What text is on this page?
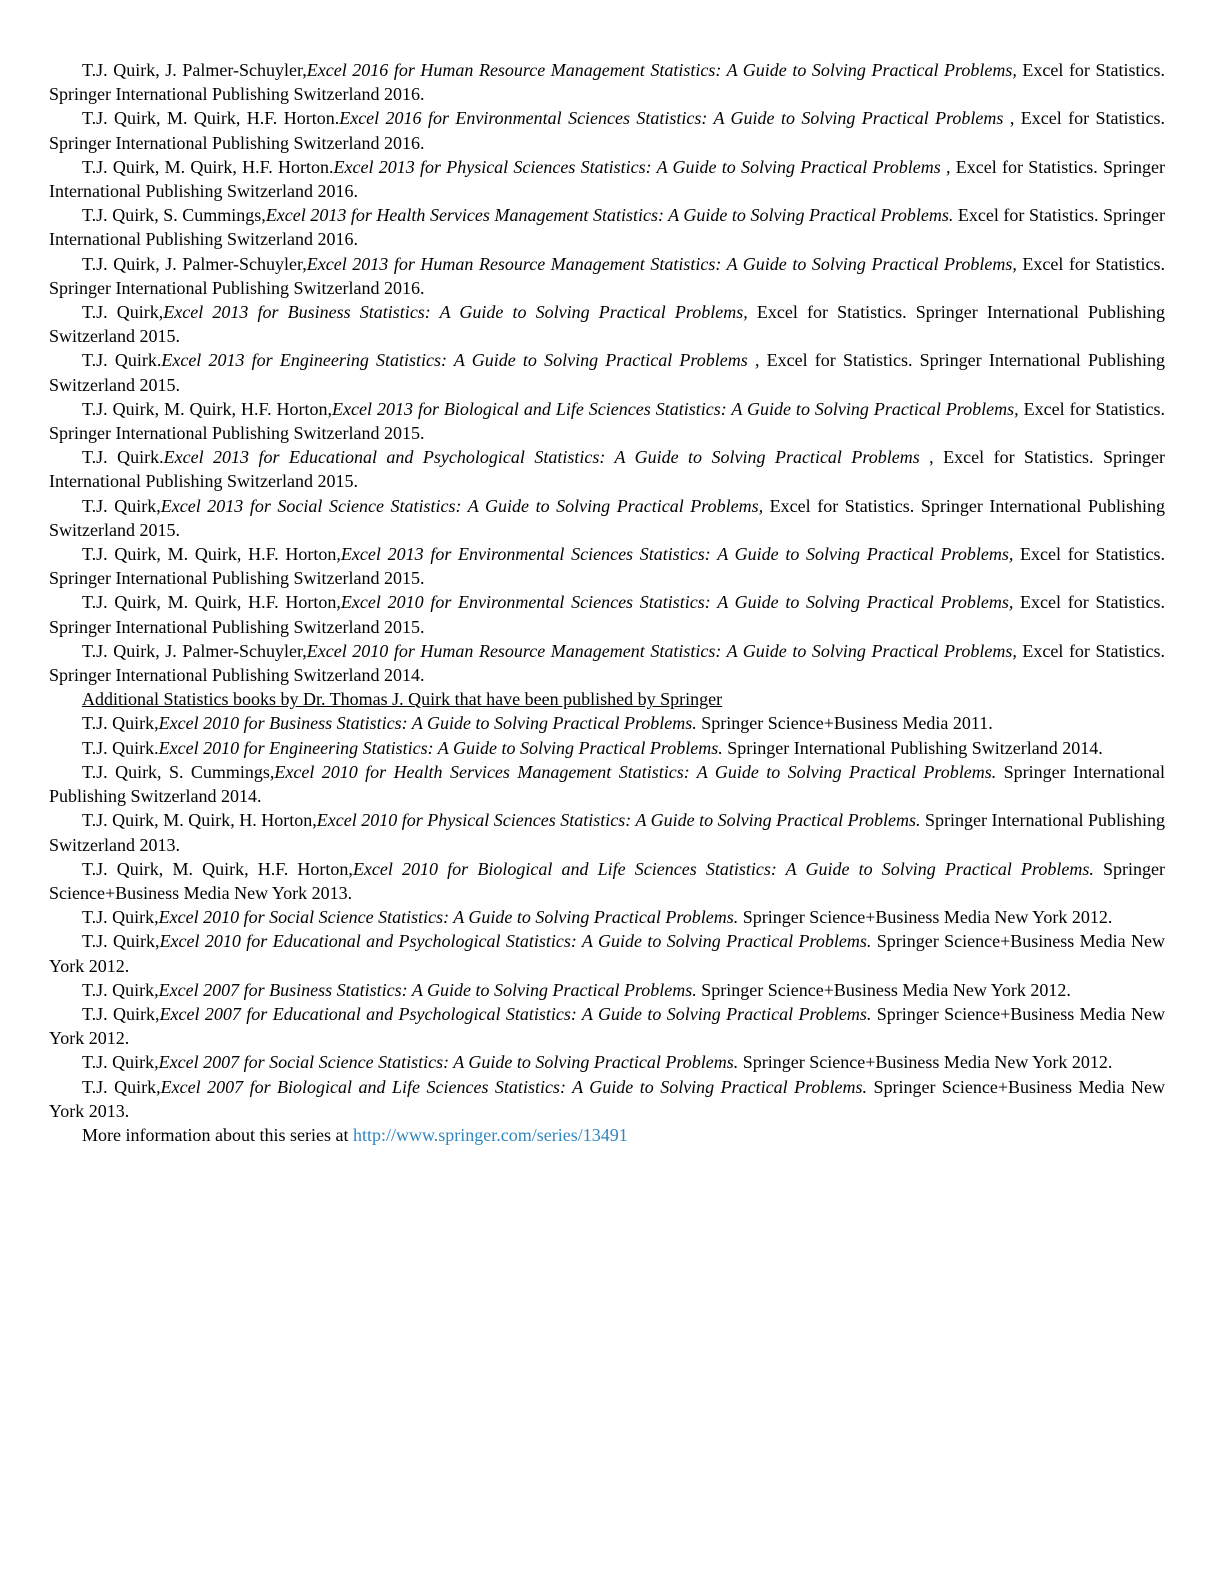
T.J. Quirk, J. Palmer-Schuyler,Excel 2016 for Human Resource Management Statistics: A Guide to Solving Practical Problems, Excel for Statistics. Springer International Publishing Switzerland 2016.

T.J. Quirk, M. Quirk, H.F. Horton.Excel 2016 for Environmental Sciences Statistics: A Guide to Solving Practical Problems , Excel for Statistics. Springer International Publishing Switzerland 2016.

T.J. Quirk, M. Quirk, H.F. Horton.Excel 2013 for Physical Sciences Statistics: A Guide to Solving Practical Problems , Excel for Statistics. Springer International Publishing Switzerland 2016.

T.J. Quirk, S. Cummings,Excel 2013 for Health Services Management Statistics: A Guide to Solving Practical Problems. Excel for Statistics. Springer International Publishing Switzerland 2016.

T.J. Quirk, J. Palmer-Schuyler,Excel 2013 for Human Resource Management Statistics: A Guide to Solving Practical Problems, Excel for Statistics. Springer International Publishing Switzerland 2016.

T.J. Quirk,Excel 2013 for Business Statistics: A Guide to Solving Practical Problems, Excel for Statistics. Springer International Publishing Switzerland 2015.

T.J. Quirk.Excel 2013 for Engineering Statistics: A Guide to Solving Practical Problems , Excel for Statistics. Springer International Publishing Switzerland 2015.

T.J. Quirk, M. Quirk, H.F. Horton,Excel 2013 for Biological and Life Sciences Statistics: A Guide to Solving Practical Problems, Excel for Statistics. Springer International Publishing Switzerland 2015.

T.J. Quirk.Excel 2013 for Educational and Psychological Statistics: A Guide to Solving Practical Problems , Excel for Statistics. Springer International Publishing Switzerland 2015.

T.J. Quirk,Excel 2013 for Social Science Statistics: A Guide to Solving Practical Problems, Excel for Statistics. Springer International Publishing Switzerland 2015.

T.J. Quirk, M. Quirk, H.F. Horton,Excel 2013 for Environmental Sciences Statistics: A Guide to Solving Practical Problems, Excel for Statistics. Springer International Publishing Switzerland 2015.

T.J. Quirk, M. Quirk, H.F. Horton,Excel 2010 for Environmental Sciences Statistics: A Guide to Solving Practical Problems, Excel for Statistics. Springer International Publishing Switzerland 2015.

T.J. Quirk, J. Palmer-Schuyler,Excel 2010 for Human Resource Management Statistics: A Guide to Solving Practical Problems, Excel for Statistics. Springer International Publishing Switzerland 2014.

Additional Statistics books by Dr. Thomas J. Quirk that have been published by Springer

T.J. Quirk,Excel 2010 for Business Statistics: A Guide to Solving Practical Problems. Springer Science+Business Media 2011.

T.J. Quirk.Excel 2010 for Engineering Statistics: A Guide to Solving Practical Problems. Springer International Publishing Switzerland 2014.

T.J. Quirk, S. Cummings,Excel 2010 for Health Services Management Statistics: A Guide to Solving Practical Problems. Springer International Publishing Switzerland 2014.

T.J. Quirk, M. Quirk, H. Horton,Excel 2010 for Physical Sciences Statistics: A Guide to Solving Practical Problems. Springer International Publishing Switzerland 2013.

T.J. Quirk, M. Quirk, H.F. Horton,Excel 2010 for Biological and Life Sciences Statistics: A Guide to Solving Practical Problems. Springer Science+Business Media New York 2013.

T.J. Quirk,Excel 2010 for Social Science Statistics: A Guide to Solving Practical Problems. Springer Science+Business Media New York 2012.

T.J. Quirk,Excel 2010 for Educational and Psychological Statistics: A Guide to Solving Practical Problems. Springer Science+Business Media New York 2012.

T.J. Quirk,Excel 2007 for Business Statistics: A Guide to Solving Practical Problems. Springer Science+Business Media New York 2012.

T.J. Quirk,Excel 2007 for Educational and Psychological Statistics: A Guide to Solving Practical Problems. Springer Science+Business Media New York 2012.

T.J. Quirk,Excel 2007 for Social Science Statistics: A Guide to Solving Practical Problems. Springer Science+Business Media New York 2012.

T.J. Quirk,Excel 2007 for Biological and Life Sciences Statistics: A Guide to Solving Practical Problems. Springer Science+Business Media New York 2013.

More information about this series at http://www.springer.com/series/13491
